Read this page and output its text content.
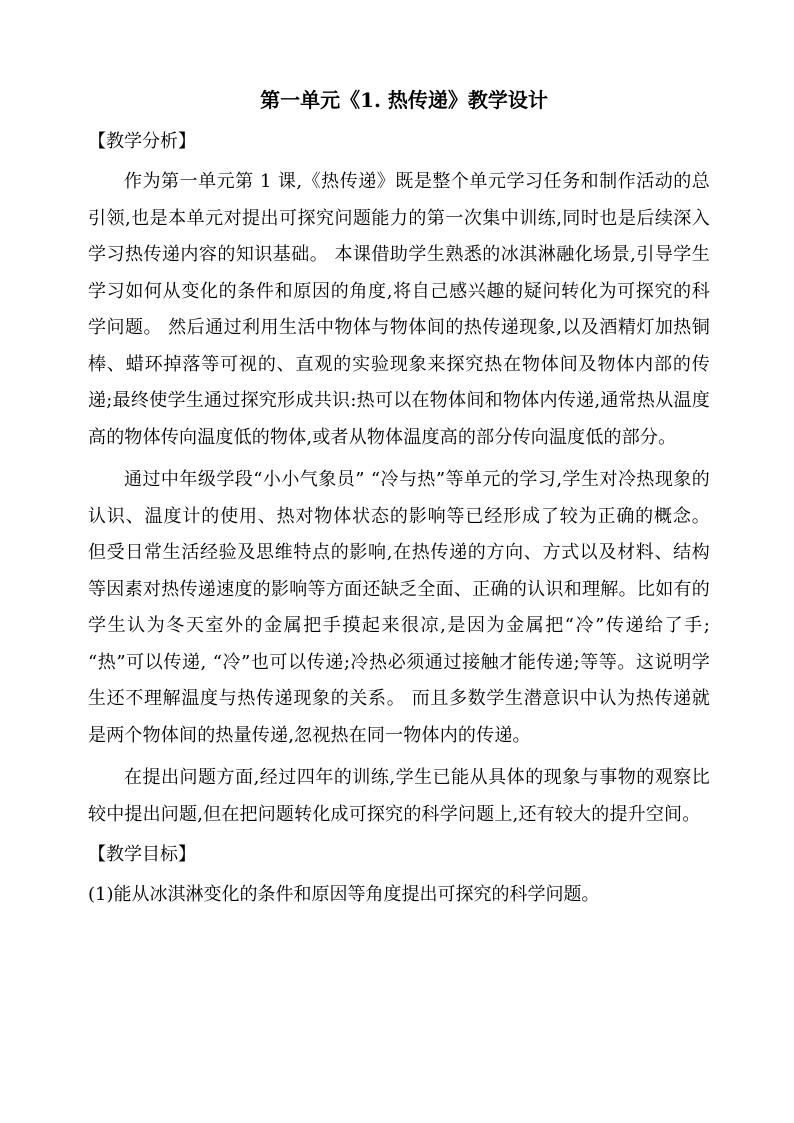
第一单元《1. 热传递》教学设计
【教学分析】

作为第一单元第 1 课,《热传递》既是整个单元学习任务和制作活动的总引领,也是本单元对提出可探究问题能力的第一次集中训练,同时也是后续深入学习热传递内容的知识基础。 本课借助学生熟悉的冰淇淋融化场景,引导学生学习如何从变化的条件和原因的角度,将自己感兴趣的疑问转化为可探究的科学问题。 然后通过利用生活中物体与物体间的热传递现象,以及酒精灯加热铜棒、蜡环掉落等可视的、直观的实验现象来探究热在物体间及物体内部的传递;最终使学生通过探究形成共识:热可以在物体间和物体内传递,通常热从温度高的物体传向温度低的物体,或者从物体温度高的部分传向温度低的部分。

通过中年级学段“小小气象员” “冷与热”等单元的学习,学生对冷热现象的认识、温度计的使用、热对物体状态的影响等已经形成了较为正确的概念。 但受日常生活经验及思维特点的影响,在热传递的方向、方式以及材料、结构等因素对热传递速度的影响等方面还缺乏全面、正确的认识和理解。比如有的学生认为冬天室外的金属把手摸起来很凉,是因为金属把“冷”传递给了手; “热”可以传递, “冷”也可以传递;冷热必须通过接触才能传递;等等。这说明学生还不理解温度与热传递现象的关系。 而且多数学生潜意识中认为热传递就是两个物体间的热量传递,忽视热在同一物体内的传递。

在提出问题方面,经过四年的训练,学生已能从具体的现象与事物的观察比较中提出问题,但在把问题转化成可探究的科学问题上,还有较大的提升空间。

【教学目标】

(1)能从冰淇淋变化的条件和原因等角度提出可探究的科学问题。
